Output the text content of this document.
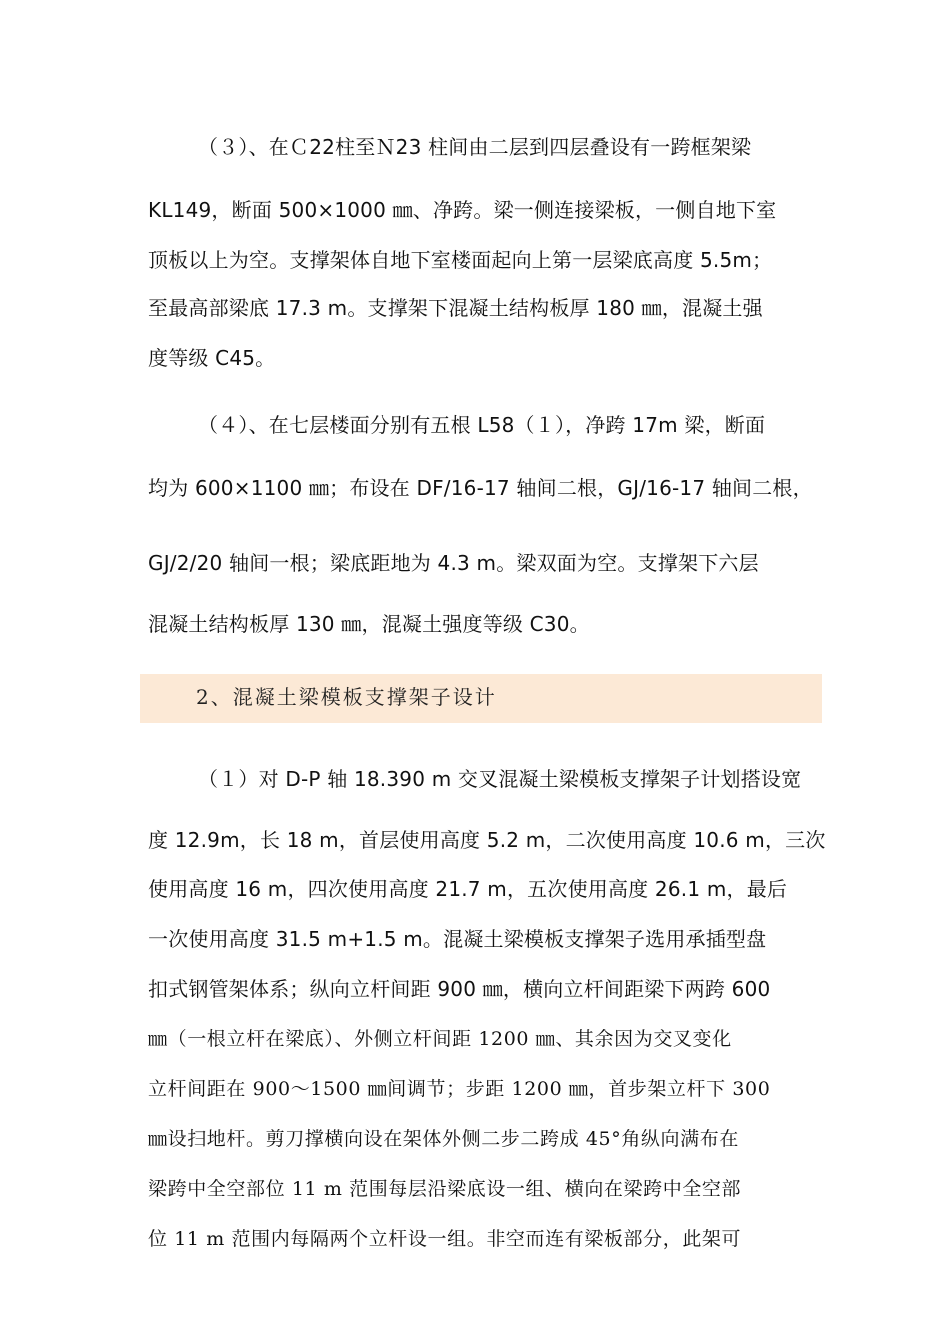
（３）、在Ｃ22柱至Ｎ23 柱间由二层到四层叠设有一跨框架梁
KL149，断面 500×1000 ㎜、净跨。梁一侧连接梁板，一侧自地下室
顶板以上为空。支撑架体自地下室楼面起向上第一层梁底高度 5.5m；
至最高部梁底 17.3 m。支撑架下混凝土结构板厚 180 ㎜，混凝土强
度等级 C45。
（４）、在七层楼面分别有五根 L58（１），净跨 17m 梁，断面
均为 600×1100 ㎜；布设在 DF/16-17 轴间二根，GJ/16-17 轴间二根，
GJ/2/20 轴间一根；梁底距地为 4.3 m。梁双面为空。支撑架下六层
混凝土结构板厚 130 ㎜，混凝土强度等级 C30。
2、混凝土梁模板支撑架子设计
（１）对 D-P 轴 18.390 m 交叉混凝土梁模板支撑架子计划搭设宽
度 12.9m，长 18 m，首层使用高度 5.2 m，二次使用高度 10.6 m，三次
使用高度 16 m，四次使用高度 21.7 m，五次使用高度 26.1 m，最后
一次使用高度 31.5 m+1.5 m。混凝土梁模板支撑架子选用承插型盘
扣式钢管架体系；纵向立杆间距 900 ㎜，横向立杆间距梁下两跨 600
㎜（一根立杆在梁底）、外侧立杆间距 1200 ㎜、其余因为交叉变化
立杆间距在 900～1500 ㎜间调节；步距 1200 ㎜，首步架立杆下 300
㎜设扫地杆。剪刀撑横向设在架体外侧二步二跨成 45°角纵向满布在
梁跨中全空部位 11 m 范围每层沿梁底设一组、横向在梁跨中全空部
位 11 m 范围内每隔两个立杆设一组。非空而连有梁板部分，此架可
